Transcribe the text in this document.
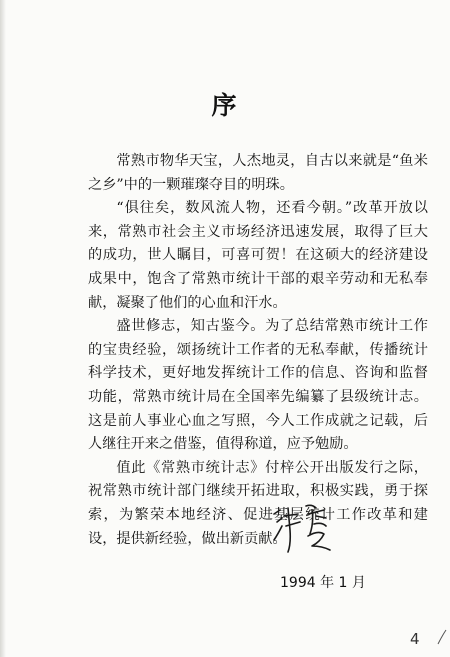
序

常熟市物华天宝，人杰地灵，自古以来就是“鱼米之乡”中的一颗璀璨夺目的明珠。

“俱往矣，数风流人物，还看今朝。”改革开放以来，常熟市社会主义市场经济迅速发展，取得了巨大的成功，世人瞩目，可喜可贺！在这硕大的经济建设成果中，饱含了常熟市统计干部的艰辛劳动和无私奉献，凝聚了他们的心血和汗水。

盛世修志，知古鉴今。为了总结常熟市统计工作的宝贵经验，颂扬统计工作者的无私奉献，传播统计科学技术，更好地发挥统计工作的信息、咨询和监督功能，常熟市统计局在全国率先编纂了县级统计志。这是前人事业心血之写照，今人工作成就之记载，后人继往开来之借鉴，值得称道，应予勉励。

值此《常熟市统计志》付梓公开出版发行之际，祝常熟市统计部门继续开拓进取，积极实践，勇于探索，为繁荣本地经济、促进基层统计工作改革和建设，提供新经验，做出新贡献。

1994 年 1 月
4
